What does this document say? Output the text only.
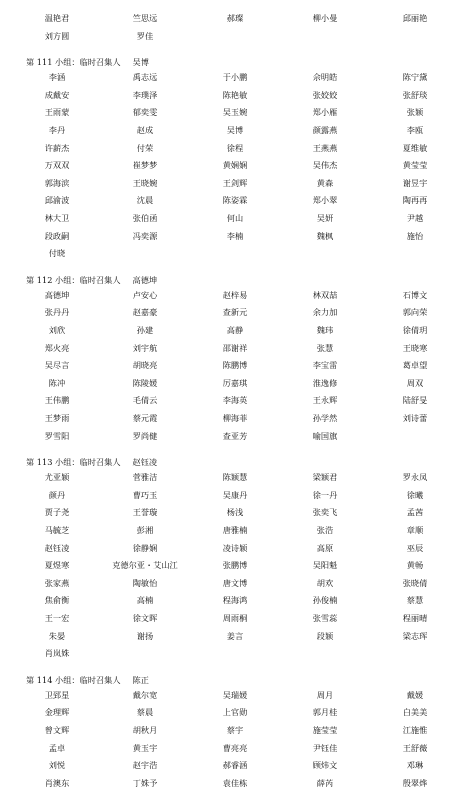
温艳君	竺思远	郝璨	柳小曼	邱丽艳
刘方圆	罗佳
第 111 小组：临时召集人 吴博
李涵	禹志远	于小鹏	佘明皓	陈宁黛
成戴安	李璞泽	陈艳敏	张姣姣	张舒琰
王雨蒙	郁奕雯	吴玉婉	郑小雁	张颖
李丹	赵成	吴博	颜露燕	李瓯
许薪杰	付荣	徐程	王燕燕	夏维敏
万双双	崔梦梦	黄娴娴	吴伟杰	黄莹莹
郭海滨	王晓婉	王剑辉	黄森	谢昱宇
邱渝波	沈晨	陈姿霖	郑小翠	陶再再
林大卫	张伯函	何山	吴妍	尹越
段政嗣	冯奕源	李楠	魏枫	施怡
付晓
第 112 小组：临时召集人 高德坤
高德坤	卢安心	赵梓易	林双喆	石博文
张丹丹	赵嘉豪	查新元	余力加	郭向荣
刘欣	孙建	高静	魏玮	徐倩玥
郑火亮	刘宇航	邵谢祥	张慧	王晓寒
吴尽言	胡晓亮	陈鹏博	李宝雷	葛卓望
陈冲	陈陵媛	厉嘉琪	淮逸修	周双
王伟鹏	毛倩云	李海英	王永辉	陆舒旻
王梦雨	蔡元霞	柳海菲	孙学然	刘诗蕾
罗雪阳	罗尚健	查亚芳	喻国旗
第 113 小组：临时召集人 赵钰凌
尤亚颖	菅雅洁	陈颖慧	梁颖君	罗永凤
颜丹	曹巧玉	吴康丹	徐一丹	徐曦
贾子尧	王誉璇	杨浅	张奕飞	孟茜
马毓芝	彭湘	唐雅楠	张浩	章顺
赵钰凌	徐静娴	凌诗颖	高原	巫辰
夏煜寒	克德尔亚・艾山江	张鹏博	吴阳魁	黄畅
张家燕	陶敏怡	唐文博	胡欢	张晓倩
焦俞衡	高楠	程海鸿	孙俊楠	蔡慧
王一宏	徐文晖	周雨桐	张雪蕊	程丽晴
朱晏	谢扬	姜言	段颖	梁志珲
肖岚姝
第 114 小组：临时召集人 陈正
卫郅星	戴尔宽	吴瑞媛	周月	戴媛
金理辉	蔡晨	上官勋	郭月桂	白美美
曾文辉	胡秋月	蔡宇	施莹莹	江施惟
孟卓	黄玉宇	曹亮亮	尹钰佳	王舒薇
刘悦	赵宇浩	郝睿涵	顾炜文	邓琳
肖澳东	丁姝予	袁佳栋	薛芮	殷翠烨
